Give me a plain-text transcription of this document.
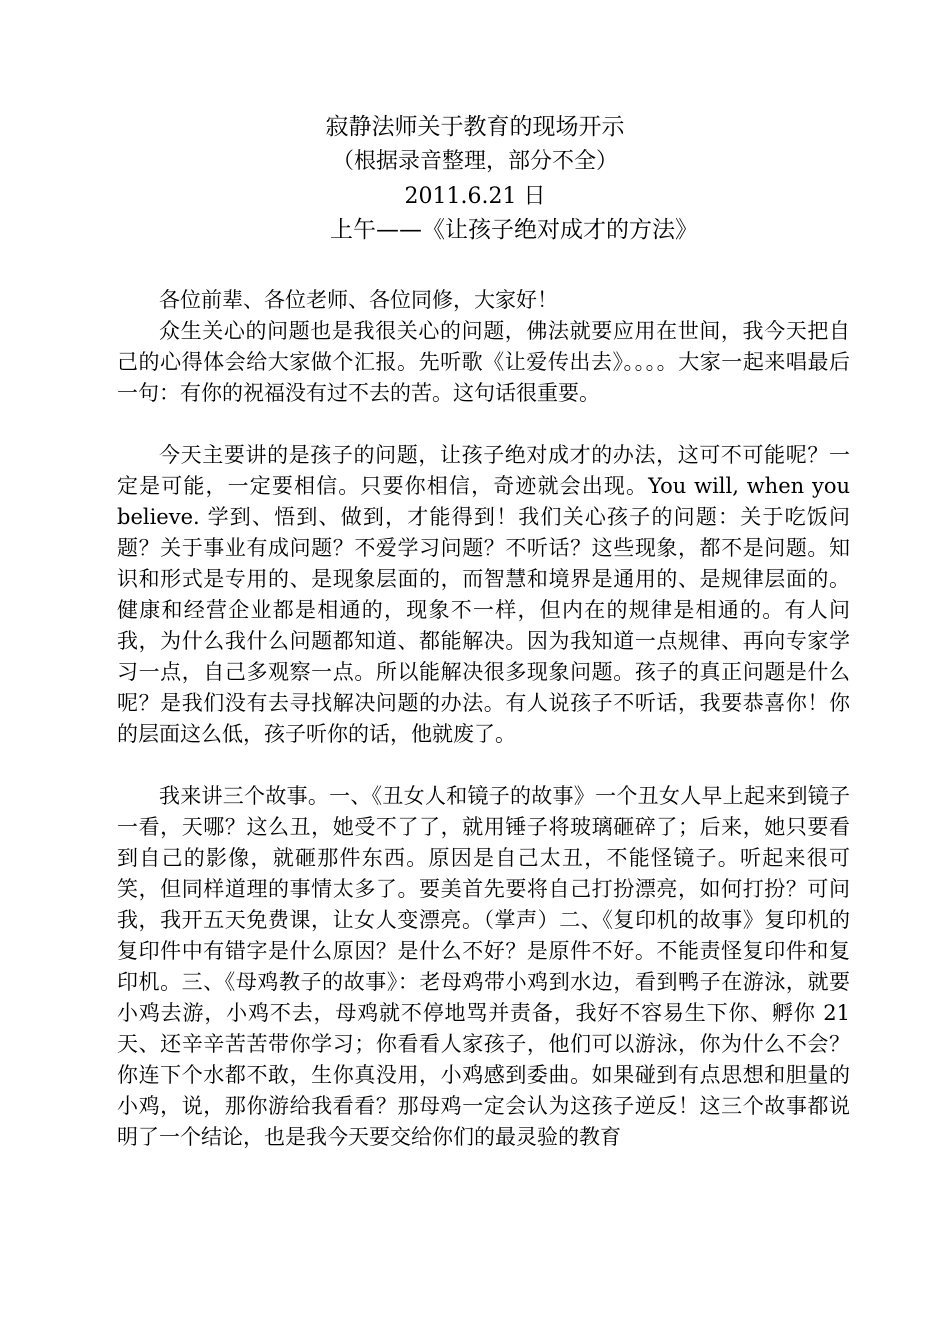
寂静法师关于教育的现场开示
（根据录音整理，部分不全）
2011.6.21 日
上午——《让孩子绝对成才的方法》

各位前辈、各位老师、各位同修，大家好！

众生关心的问题也是我很关心的问题，佛法就要应用在世间，我今天把自己的心得体会给大家做个汇报。先听歌《让爱传出去》。。。。大家一起来唱最后一句：有你的祝福没有过不去的苦。这句话很重要。

今天主要讲的是孩子的问题，让孩子绝对成才的办法，这可不可能呢？一定是可能，一定要相信。只要你相信，奇迹就会出现。You will, when you believe. 学到、悟到、做到，才能得到！我们关心孩子的问题：关于吃饭问题？关于事业有成问题？不爱学习问题？不听话？这些现象，都不是问题。知识和形式是专用的、是现象层面的，而智慧和境界是通用的、是规律层面的。健康和经营企业都是相通的，现象不一样，但内在的规律是相通的。有人问我，为什么我什么问题都知道、都能解决。因为我知道一点规律、再向专家学习一点，自己多观察一点。所以能解决很多现象问题。孩子的真正问题是什么呢？是我们没有去寻找解决问题的办法。有人说孩子不听话，我要恭喜你！你的层面这么低，孩子听你的话，他就废了。

我来讲三个故事。一、《丑女人和镜子的故事》一个丑女人早上起来到镜子一看，天哪？这么丑，她受不了了，就用锤子将玻璃砸碎了；后来，她只要看到自己的影像，就砸那件东西。原因是自己太丑，不能怪镜子。听起来很可笑，但同样道理的事情太多了。要美首先要将自己打扮漂亮，如何打扮？可问我，我开五天免费课，让女人变漂亮。（掌声）二、《复印机的故事》复印机的复印件中有错字是什么原因？是什么不好？是原件不好。不能责怪复印件和复印机。三、《母鸡教子的故事》：老母鸡带小鸡到水边，看到鸭子在游泳，就要小鸡去游，小鸡不去，母鸡就不停地骂并责备，我好不容易生下你、孵你 21 天、还辛辛苦苦带你学习；你看看人家孩子，他们可以游泳，你为什么不会？你连下个水都不敢，生你真没用，小鸡感到委曲。如果碰到有点思想和胆量的小鸡，说，那你游给我看看？那母鸡一定会认为这孩子逆反！这三个故事都说明了一个结论，也是我今天要交给你们的最灵验的教育
